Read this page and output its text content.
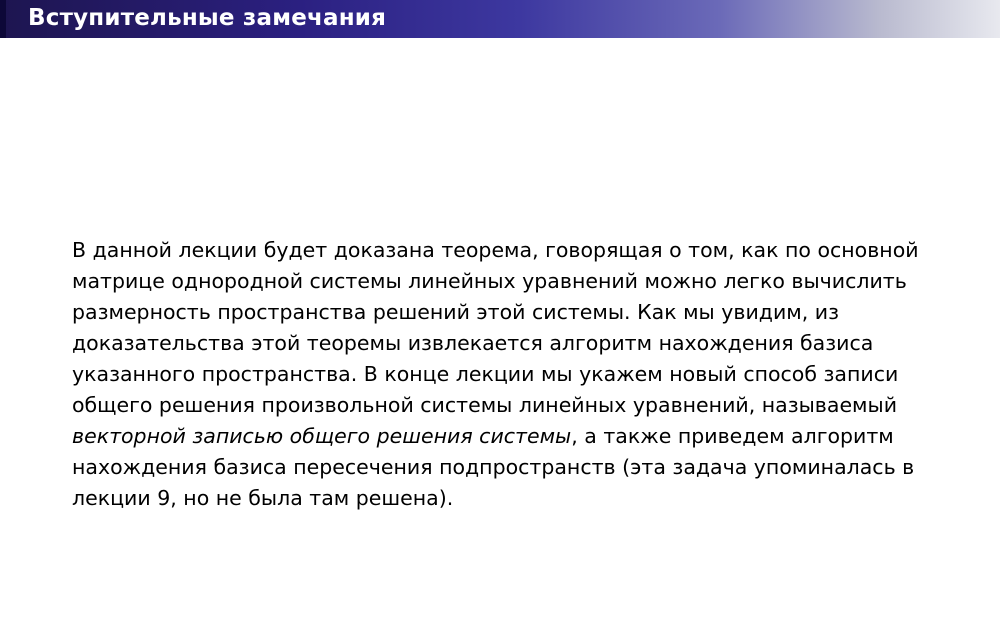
Вступительные замечания

В данной лекции будет доказана теорема, говорящая о том, как по основной матрице однородной системы линейных уравнений можно легко вычислить размерность пространства решений этой системы. Как мы увидим, из доказательства этой теоремы извлекается алгоритм нахождения базиса указанного пространства. В конце лекции мы укажем новый способ записи общего решения произвольной системы линейных уравнений, называемый векторной записью общего решения системы, а также приведем алгоритм нахождения базиса пересечения подпространств (эта задача упоминалась в лекции 9, но не была там решена).
